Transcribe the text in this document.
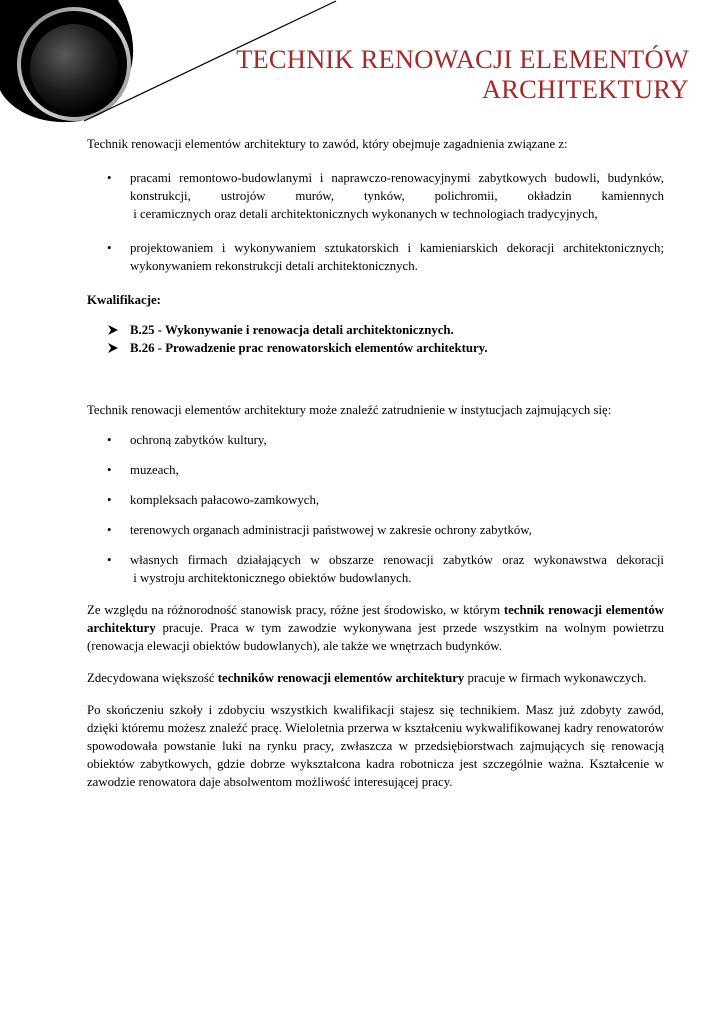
TECHNIK RENOWACJI ELEMENTÓW
ARCHITEKTURY

Technik renowacji elementów architektury to zawód, który obejmuje zagadnienia związane z:

• pracami remontowo-budowlanymi i naprawczo-renowacyjnymi zabytkowych budowli, budynków,
konstrukcji, ustrojów murów, tynków, polichromii, okładzin kamiennych
i ceramicznych oraz detali architektonicznych wykonanych w technologiach tradycyjnych,
• projektowaniem i wykonywaniem sztukatorskich i kamieniarskich dekoracji architektonicznych; wykonywaniem rekonstrukcji detali architektonicznych.

Kwalifikacje:

B.25 - Wykonywanie i renowacja detali architektonicznych.
B.26 - Prowadzenie prac renowatorskich elementów architektury.

Technik renowacji elementów architektury może znaleźć zatrudnienie w instytucjach zajmujących się:

• ochroną zabytków kultury,
• muzeach,
• kompleksach pałacowo-zamkowych,
• terenowych organach administracji państwowej w zakresie ochrony zabytków,
• własnych firmach działających w obszarze renowacji zabytków oraz wykonawstwa dekoracji
i wystroju architektonicznego obiektów budowlanych.

Ze względu na różnorodność stanowisk pracy, różne jest środowisko, w którym technik renowacji elementów architektury pracuje. Praca w tym zawodzie wykonywana jest przede wszystkim na wolnym powietrzu (renowacja elewacji obiektów budowlanych), ale także we wnętrzach budynków.

Zdecydowana większość techników renowacji elementów architektury pracuje w firmach wykonawczych.

Po skończeniu szkoły i zdobyciu wszystkich kwalifikacji stajesz się technikiem. Masz już zdobyty zawód, dzięki któremu możesz znaleźć pracę. Wieloletnia przerwa w kształceniu wykwalifikowanej kadry renowatorów spowodowała powstanie luki na rynku pracy, zwłaszcza w przedsiębiorstwach zajmujących się renowacją obiektów zabytkowych, gdzie dobrze wykształcona kadra robotnicza jest szczególnie ważna. Kształcenie w zawodzie renowatora daje absolwentom możliwość interesującej pracy.
